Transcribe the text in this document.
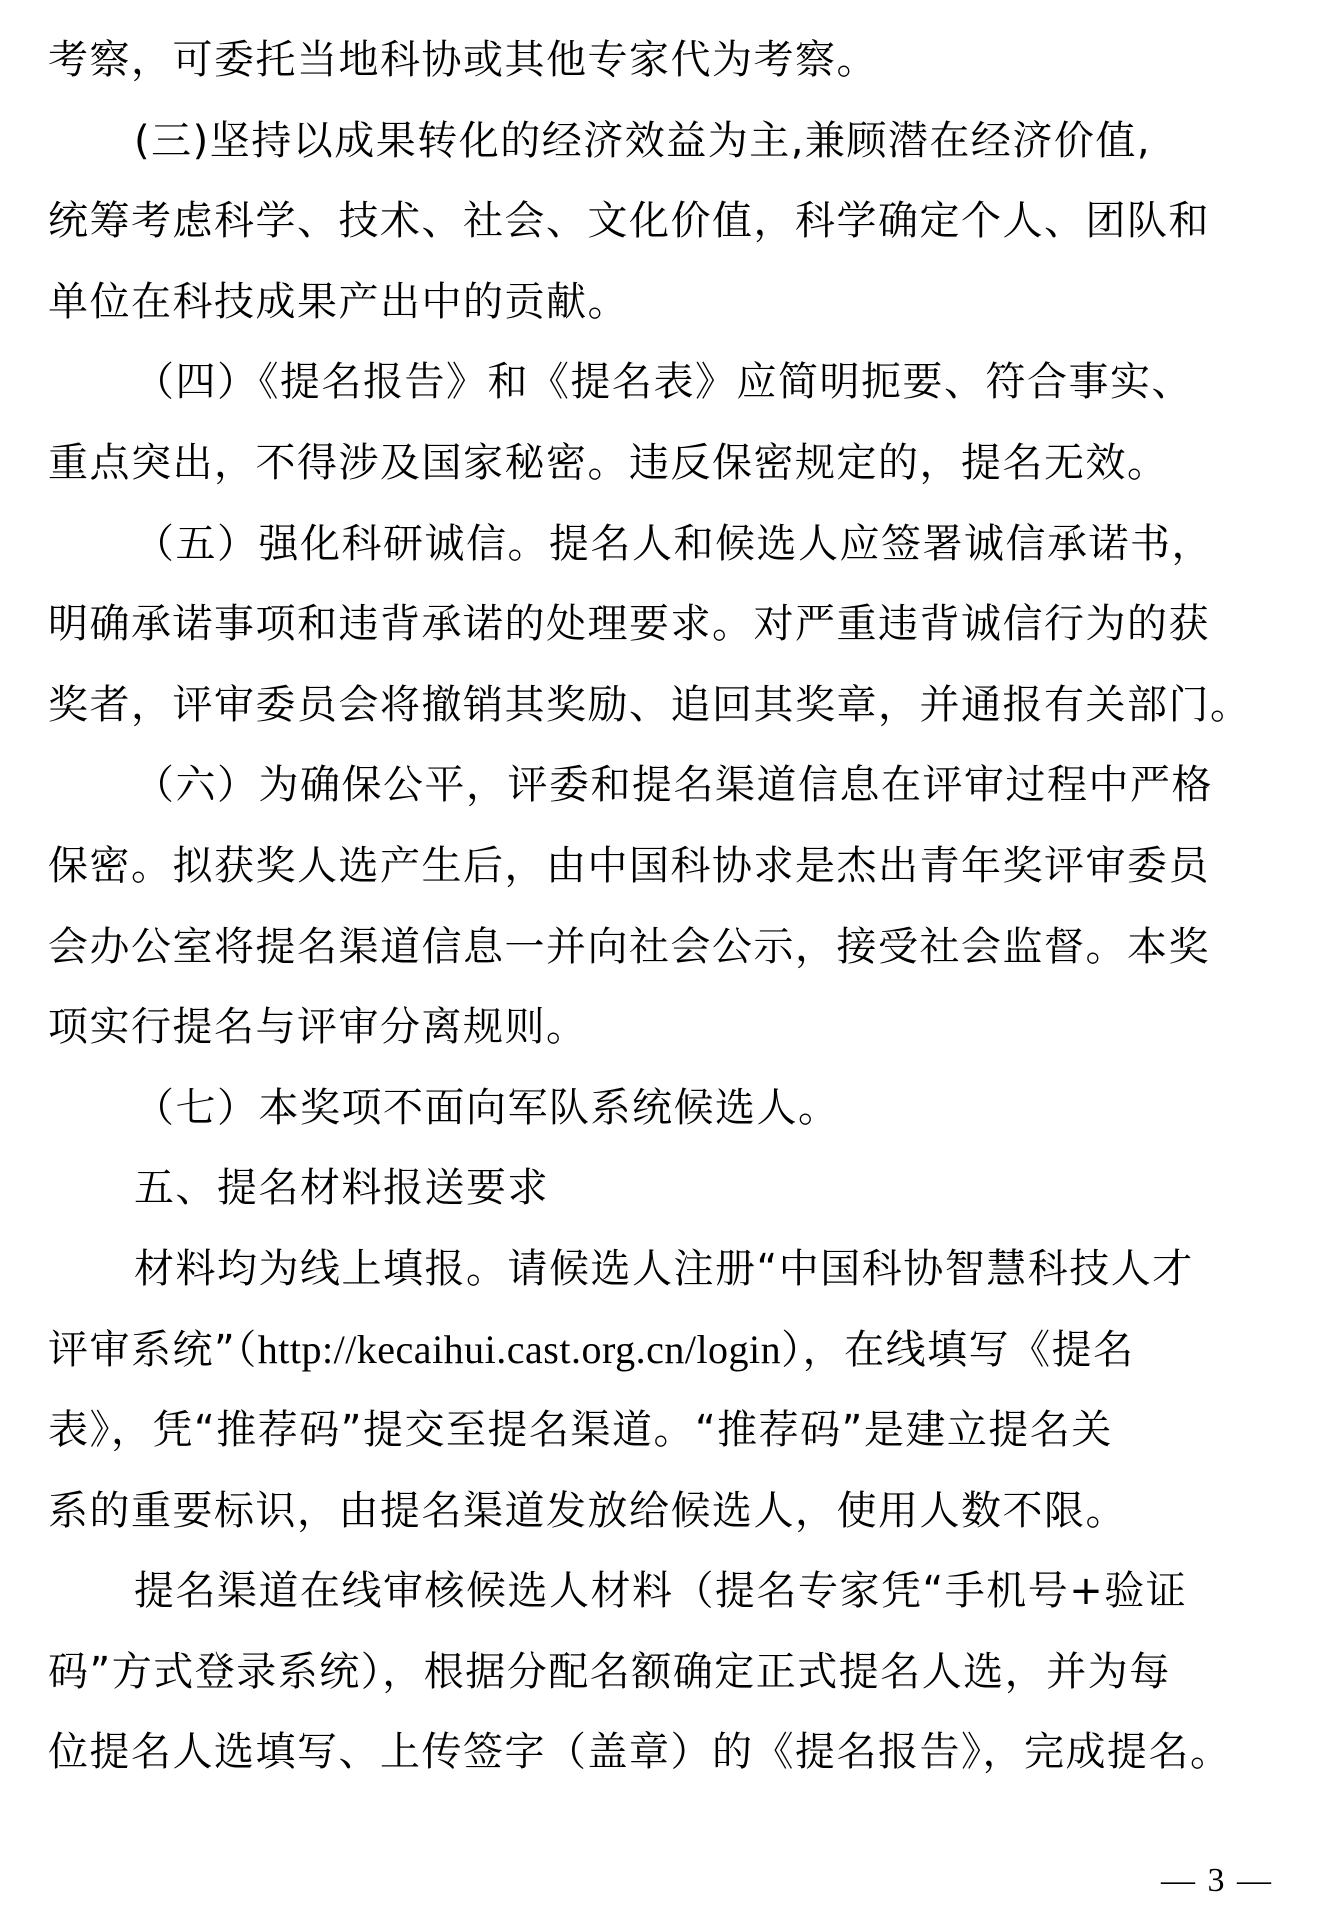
考察，可委托当地科协或其他专家代为考察。
(三)坚持以成果转化的经济效益为主,兼顾潜在经济价值,
统筹考虑科学、技术、社会、文化价值，科学确定个人、团队和
单位在科技成果产出中的贡献。
（四）《提名报告》和《提名表》应简明扼要、符合事实、
重点突出，不得涉及国家秘密。违反保密规定的，提名无效。
（五）强化科研诚信。提名人和候选人应签署诚信承诺书，
明确承诺事项和违背承诺的处理要求。对严重违背诚信行为的获
奖者，评审委员会将撤销其奖励、追回其奖章，并通报有关部门。
（六）为确保公平，评委和提名渠道信息在评审过程中严格
保密。拟获奖人选产生后，由中国科协求是杰出青年奖评审委员
会办公室将提名渠道信息一并向社会公示，接受社会监督。本奖
项实行提名与评审分离规则。
（七）本奖项不面向军队系统候选人。
五、提名材料报送要求
材料均为线上填报。请候选人注册“中国科协智慧科技人才
评审系统”（http://kecaihui.cast.org.cn/login），在线填写《提名
表》，凭“推荐码”提交至提名渠道。“推荐码”是建立提名关
系的重要标识，由提名渠道发放给候选人，使用人数不限。
提名渠道在线审核候选人材料（提名专家凭“手机号+验证
码”方式登录系统），根据分配名额确定正式提名人选，并为每
位提名人选填写、上传签字（盖章）的《提名报告》，完成提名。
— 3 —
